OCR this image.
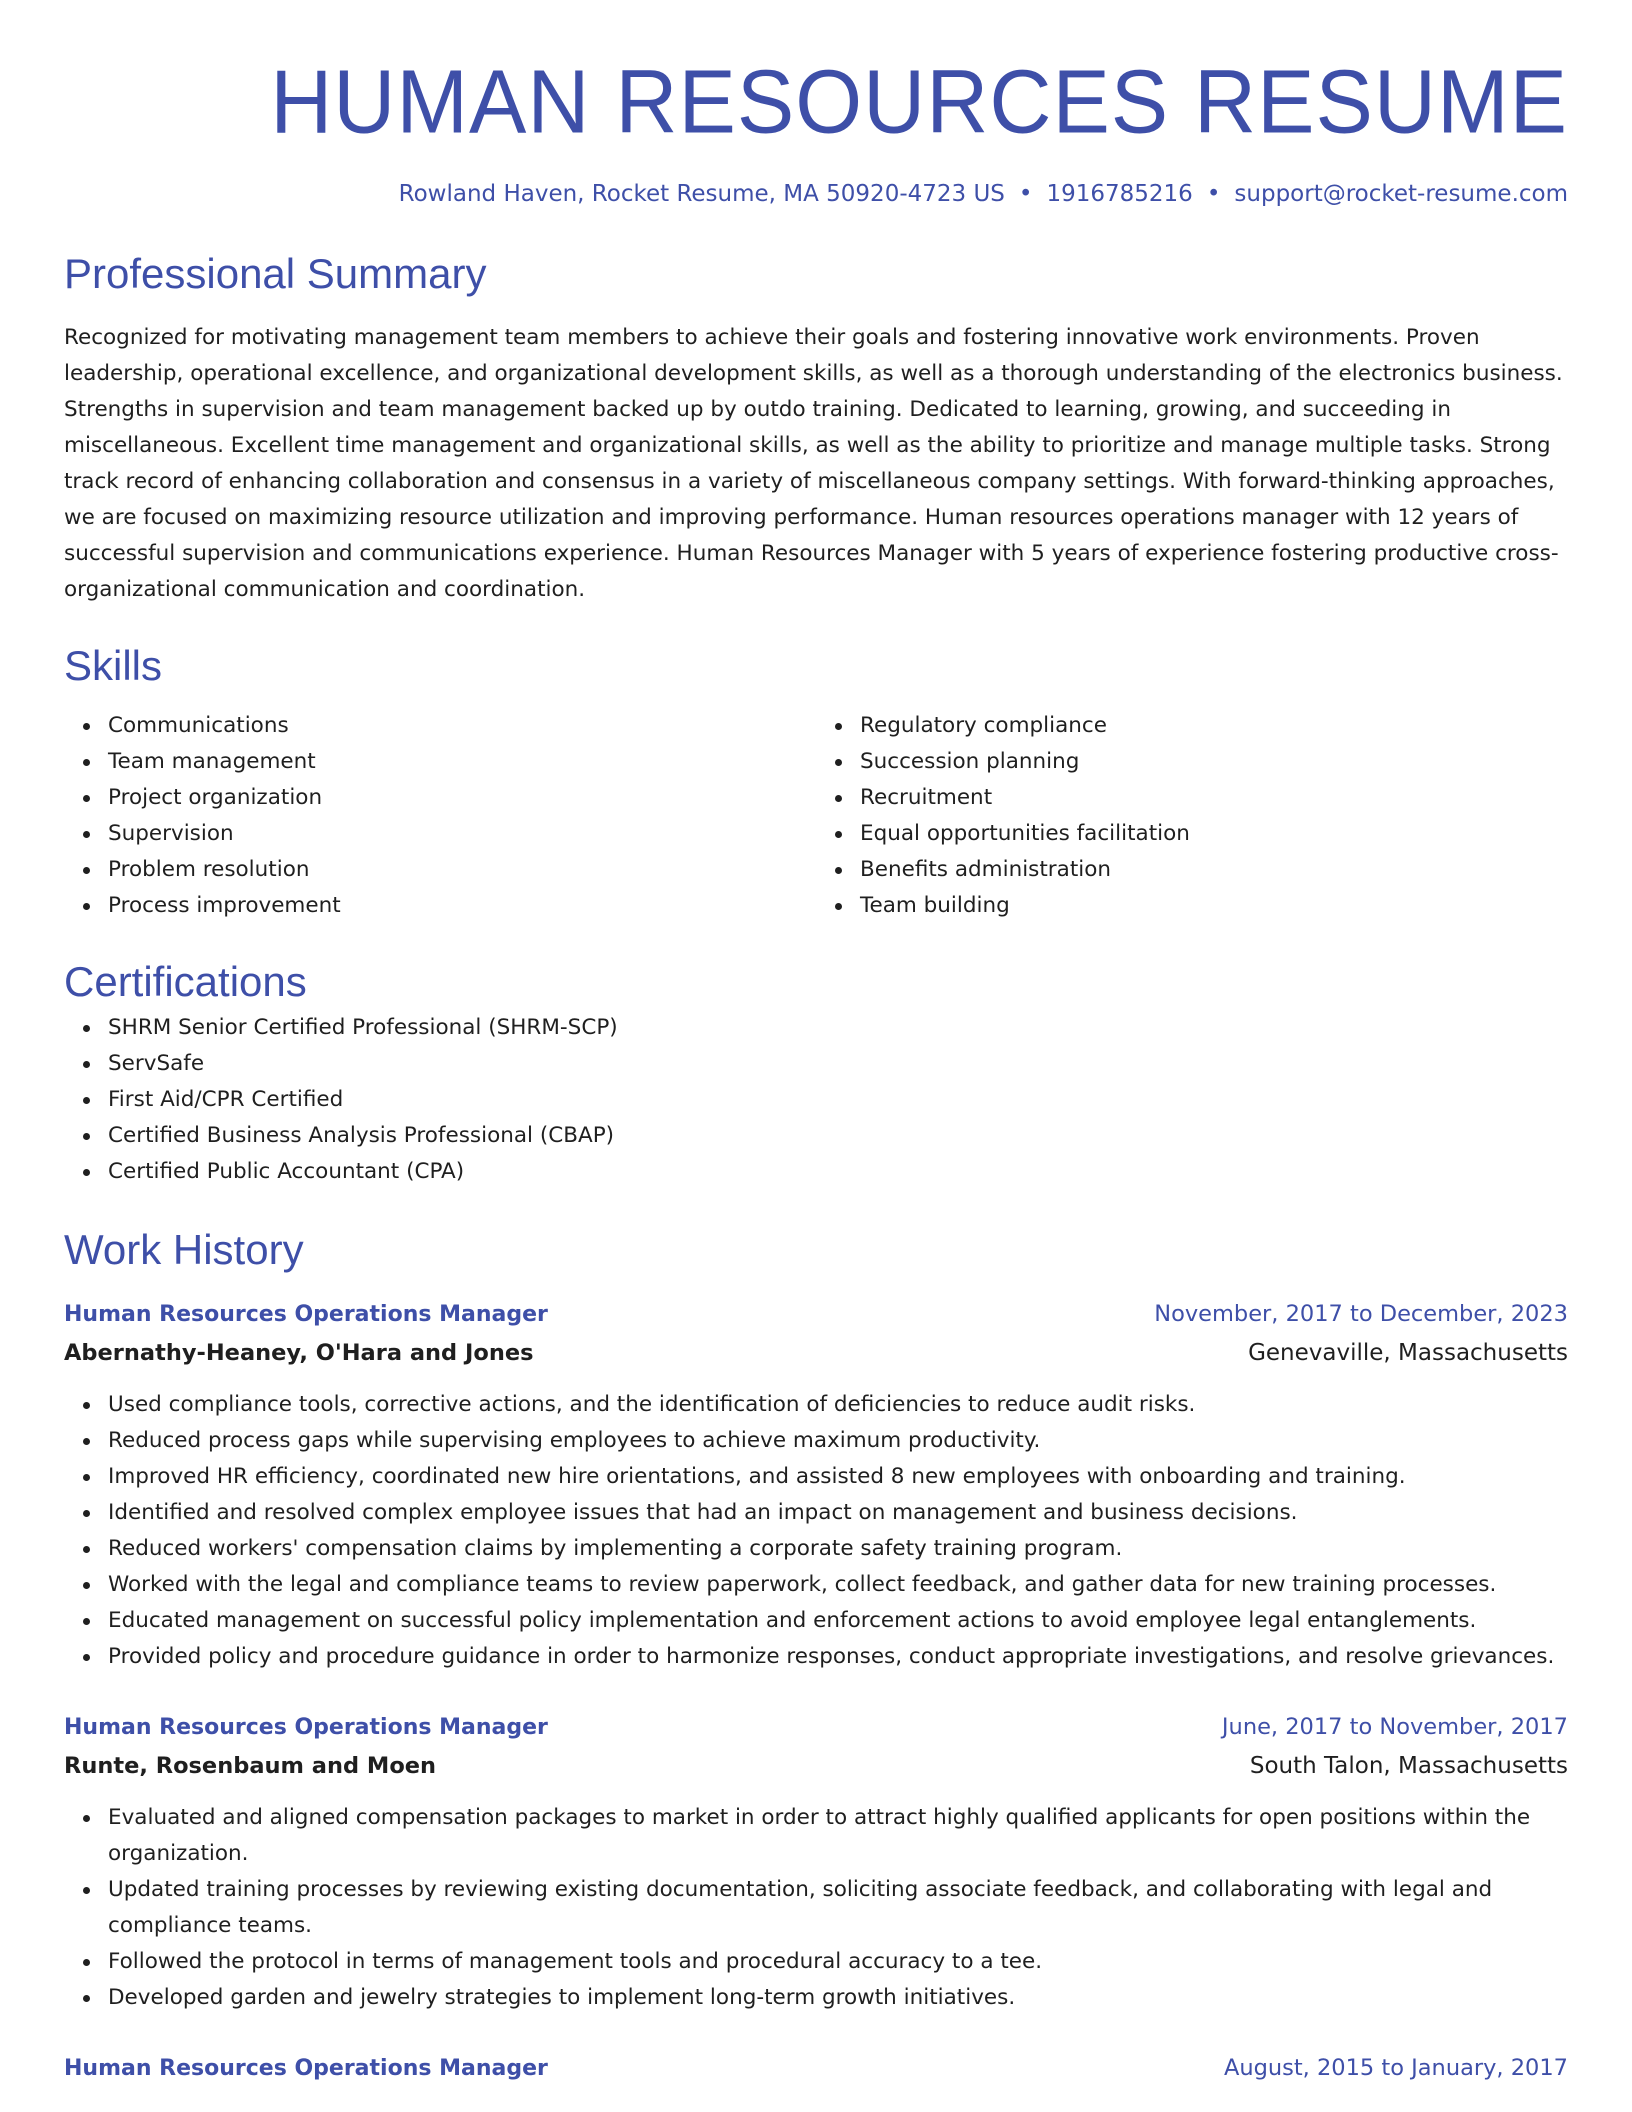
HUMAN RESOURCES RESUME
Rowland Haven, Rocket Resume, MA 50920-4723 US • 1916785216 • support@rocket-resume.com
Professional Summary
Recognized for motivating management team members to achieve their goals and fostering innovative work environments. Proven leadership, operational excellence, and organizational development skills, as well as a thorough understanding of the electronics business. Strengths in supervision and team management backed up by outdo training. Dedicated to learning, growing, and succeeding in miscellaneous. Excellent time management and organizational skills, as well as the ability to prioritize and manage multiple tasks. Strong track record of enhancing collaboration and consensus in a variety of miscellaneous company settings. With forward-thinking approaches, we are focused on maximizing resource utilization and improving performance. Human resources operations manager with 12 years of successful supervision and communications experience. Human Resources Manager with 5 years of experience fostering productive cross-organizational communication and coordination.
Skills
Communications
Team management
Project organization
Supervision
Problem resolution
Process improvement
Regulatory compliance
Succession planning
Recruitment
Equal opportunities facilitation
Benefits administration
Team building
Certifications
SHRM Senior Certified Professional (SHRM-SCP)
ServSafe
First Aid/CPR Certified
Certified Business Analysis Professional (CBAP)
Certified Public Accountant (CPA)
Work History
Human Resources Operations Manager	November, 2017 to December, 2023
Abernathy-Heaney, O'Hara and Jones	Genevaville, Massachusetts
Used compliance tools, corrective actions, and the identification of deficiencies to reduce audit risks.
Reduced process gaps while supervising employees to achieve maximum productivity.
Improved HR efficiency, coordinated new hire orientations, and assisted 8 new employees with onboarding and training.
Identified and resolved complex employee issues that had an impact on management and business decisions.
Reduced workers' compensation claims by implementing a corporate safety training program.
Worked with the legal and compliance teams to review paperwork, collect feedback, and gather data for new training processes.
Educated management on successful policy implementation and enforcement actions to avoid employee legal entanglements.
Provided policy and procedure guidance in order to harmonize responses, conduct appropriate investigations, and resolve grievances.
Human Resources Operations Manager	June, 2017 to November, 2017
Runte, Rosenbaum and Moen	South Talon, Massachusetts
Evaluated and aligned compensation packages to market in order to attract highly qualified applicants for open positions within the organization.
Updated training processes by reviewing existing documentation, soliciting associate feedback, and collaborating with legal and compliance teams.
Followed the protocol in terms of management tools and procedural accuracy to a tee.
Developed garden and jewelry strategies to implement long-term growth initiatives.
Human Resources Operations Manager	August, 2015 to January, 2017
